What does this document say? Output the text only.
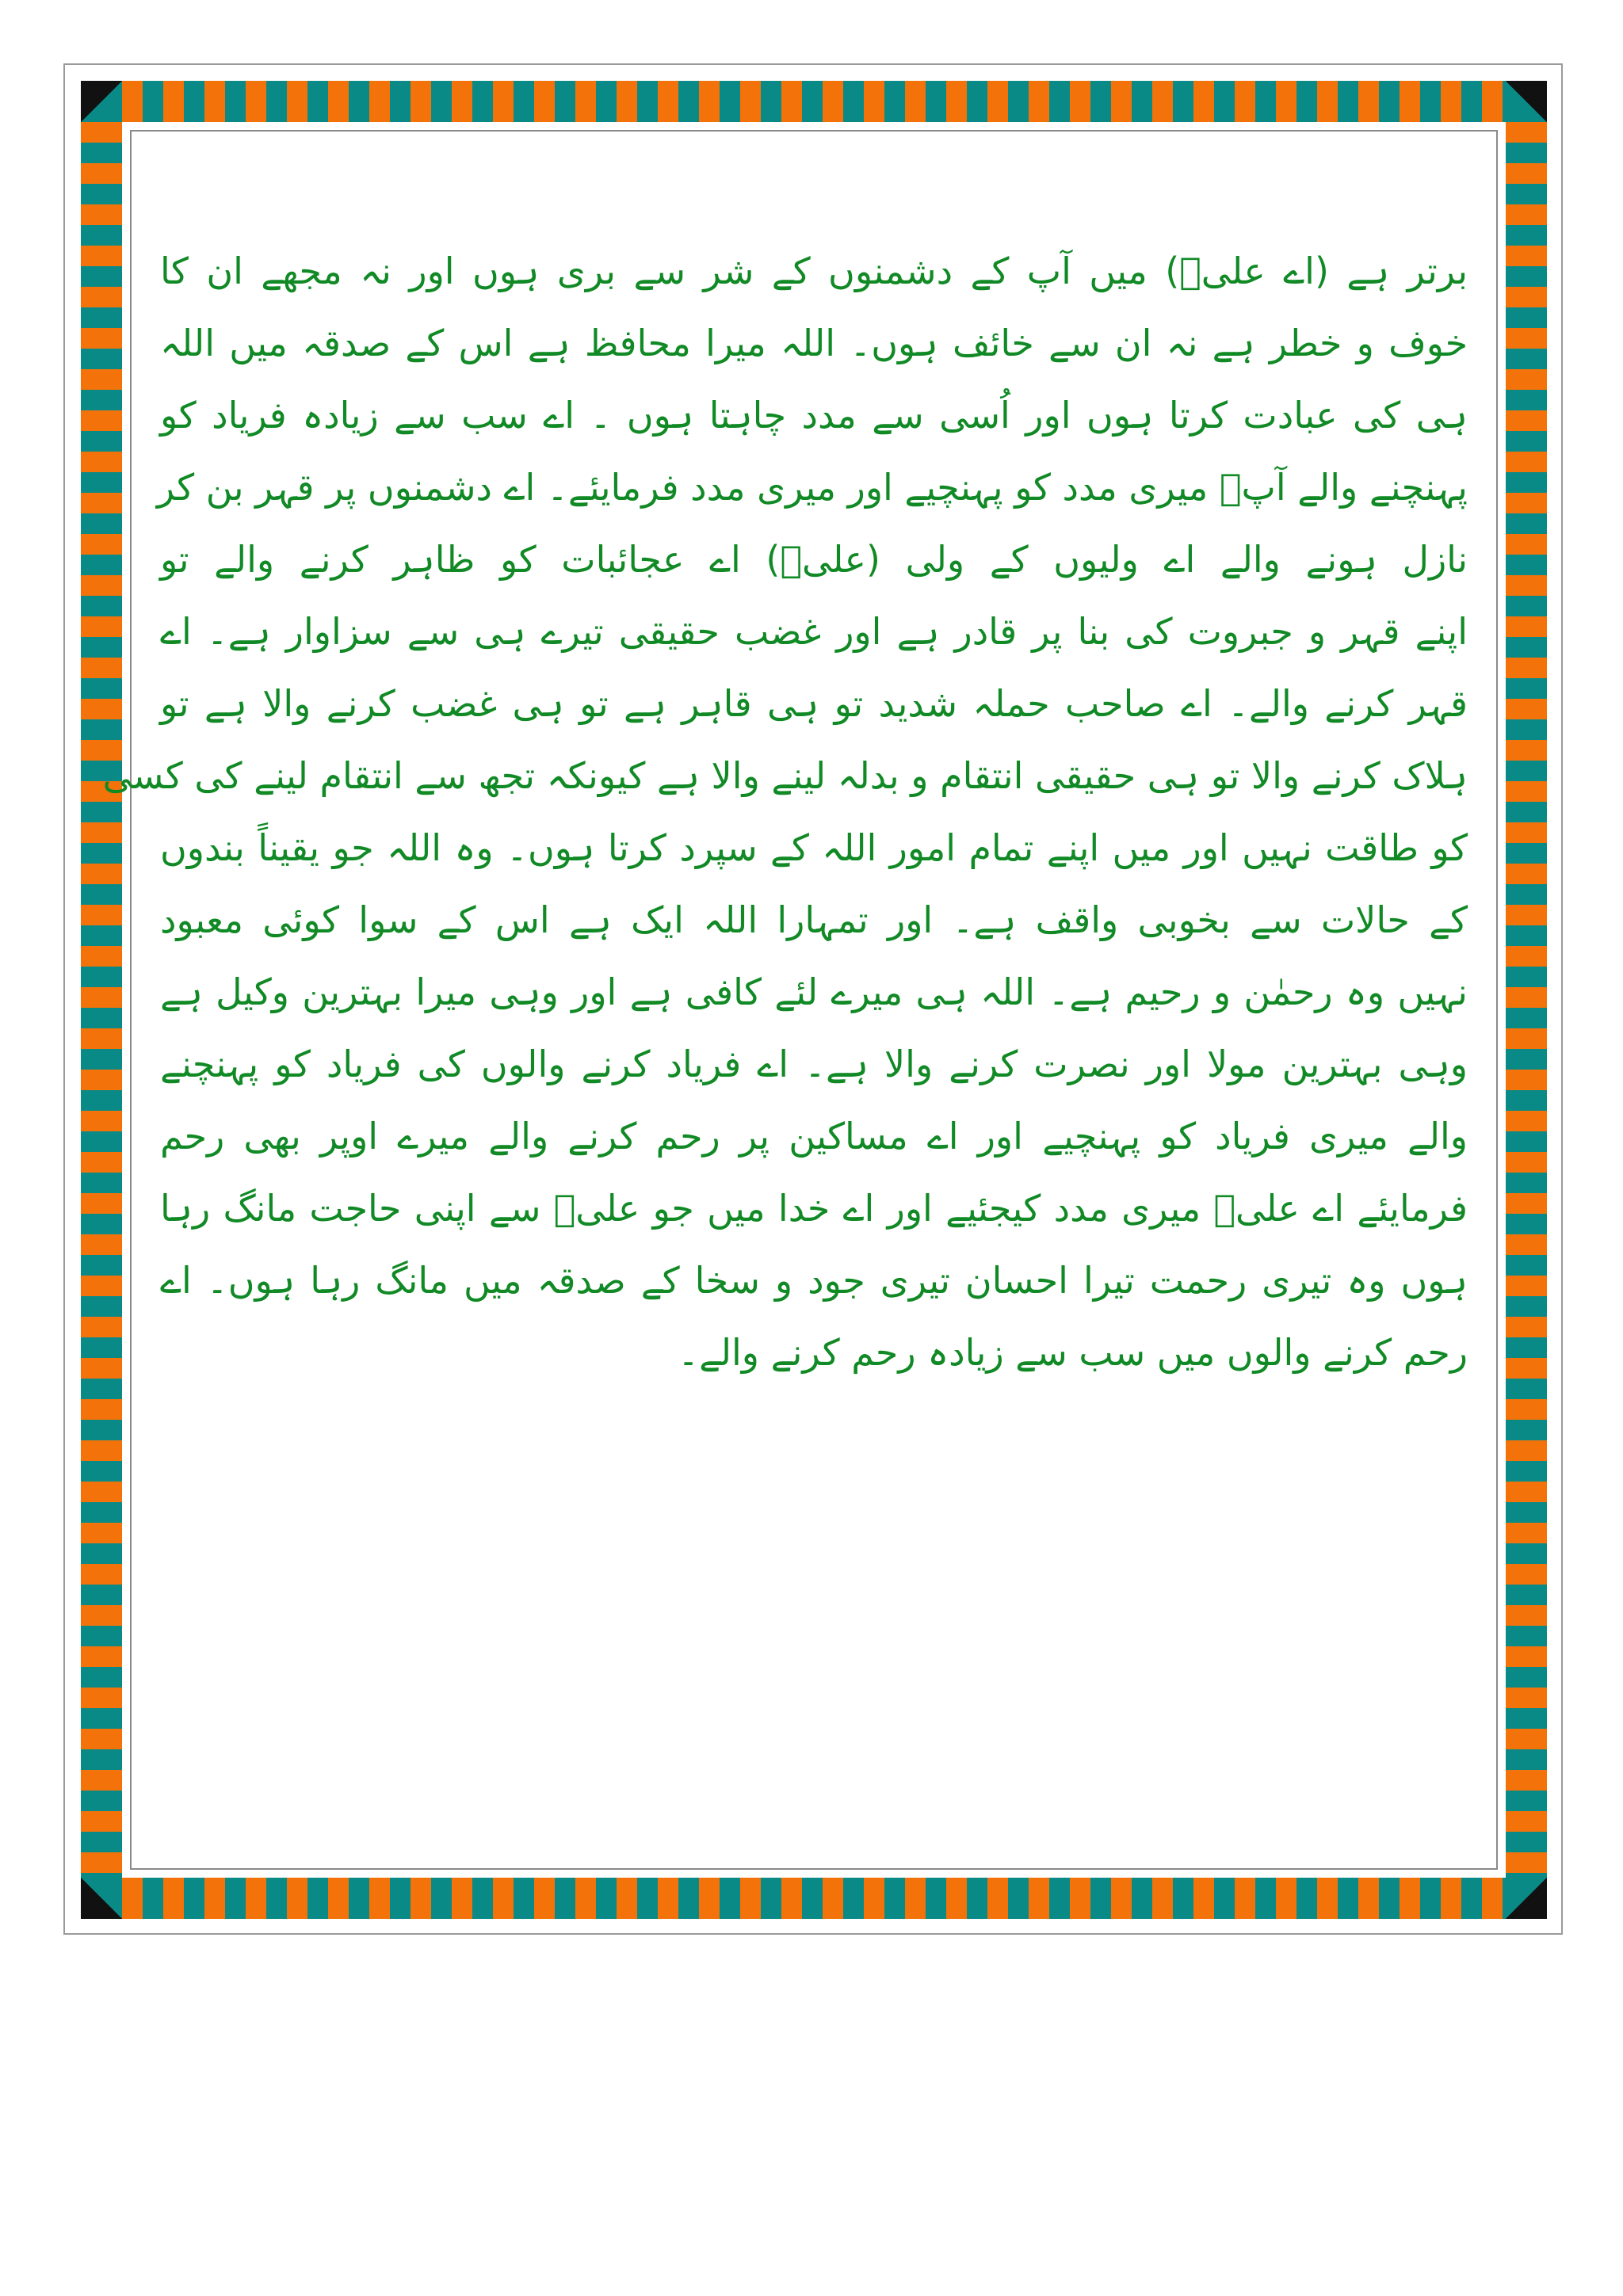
برتر ہے (اے علیؑ) میں آپ کے دشمنوں کے شر سے بری ہوں اور نہ مجھے ان کا
خوف و خطر ہے نہ ان سے خائف ہوں۔ اللہ میرا محافظ ہے اس کے صدقہ میں اللہ
ہی کی عبادت کرتا ہوں اور اُسی سے مدد چاہتا ہوں ۔ اے سب سے زیادہ فریاد کو
پہنچنے والے آپؑ میری مدد کو پہنچیے اور میری مدد فرمایئے۔ اے دشمنوں پر قہر بن کر
نازل ہونے والے اے ولیوں کے ولی (علیؑ) اے عجائبات کو ظاہر کرنے والے تو
اپنے قہر و جبروت کی بنا پر قادر ہے اور غضب حقیقی تیرے ہی سے سزاوار ہے۔ اے
قہر کرنے والے۔ اے صاحب حملہ شدید تو ہی قاہر ہے تو ہی غضب کرنے والا ہے تو
ہلاک کرنے والا تو ہی حقیقی انتقام و بدلہ لینے والا ہے کیونکہ تجھ سے انتقام لینے کی کسی
کو طاقت نہیں اور میں اپنے تمام امور اللہ کے سپرد کرتا ہوں۔ وہ اللہ جو یقیناً بندوں
کے حالات سے بخوبی واقف ہے۔ اور تمہارا اللہ ایک ہے اس کے سوا کوئی معبود
نہیں وہ رحمٰن و رحیم ہے۔ اللہ ہی میرے لئے کافی ہے اور وہی میرا بہترین وکیل ہے
وہی بہترین مولا اور نصرت کرنے والا ہے۔ اے فریاد کرنے والوں کی فریاد کو پہنچنے
والے میری فریاد کو پہنچیے اور اے مساکین پر رحم کرنے والے میرے اوپر بھی رحم
فرمایئے اے علیؑ میری مدد کیجئیے اور اے خدا میں جو علیؑ سے اپنی حاجت مانگ رہا
ہوں وہ تیری رحمت تیرا احسان تیری جود و سخا کے صدقہ میں مانگ رہا ہوں۔ اے
رحم کرنے والوں میں سب سے زیادہ رحم کرنے والے۔
